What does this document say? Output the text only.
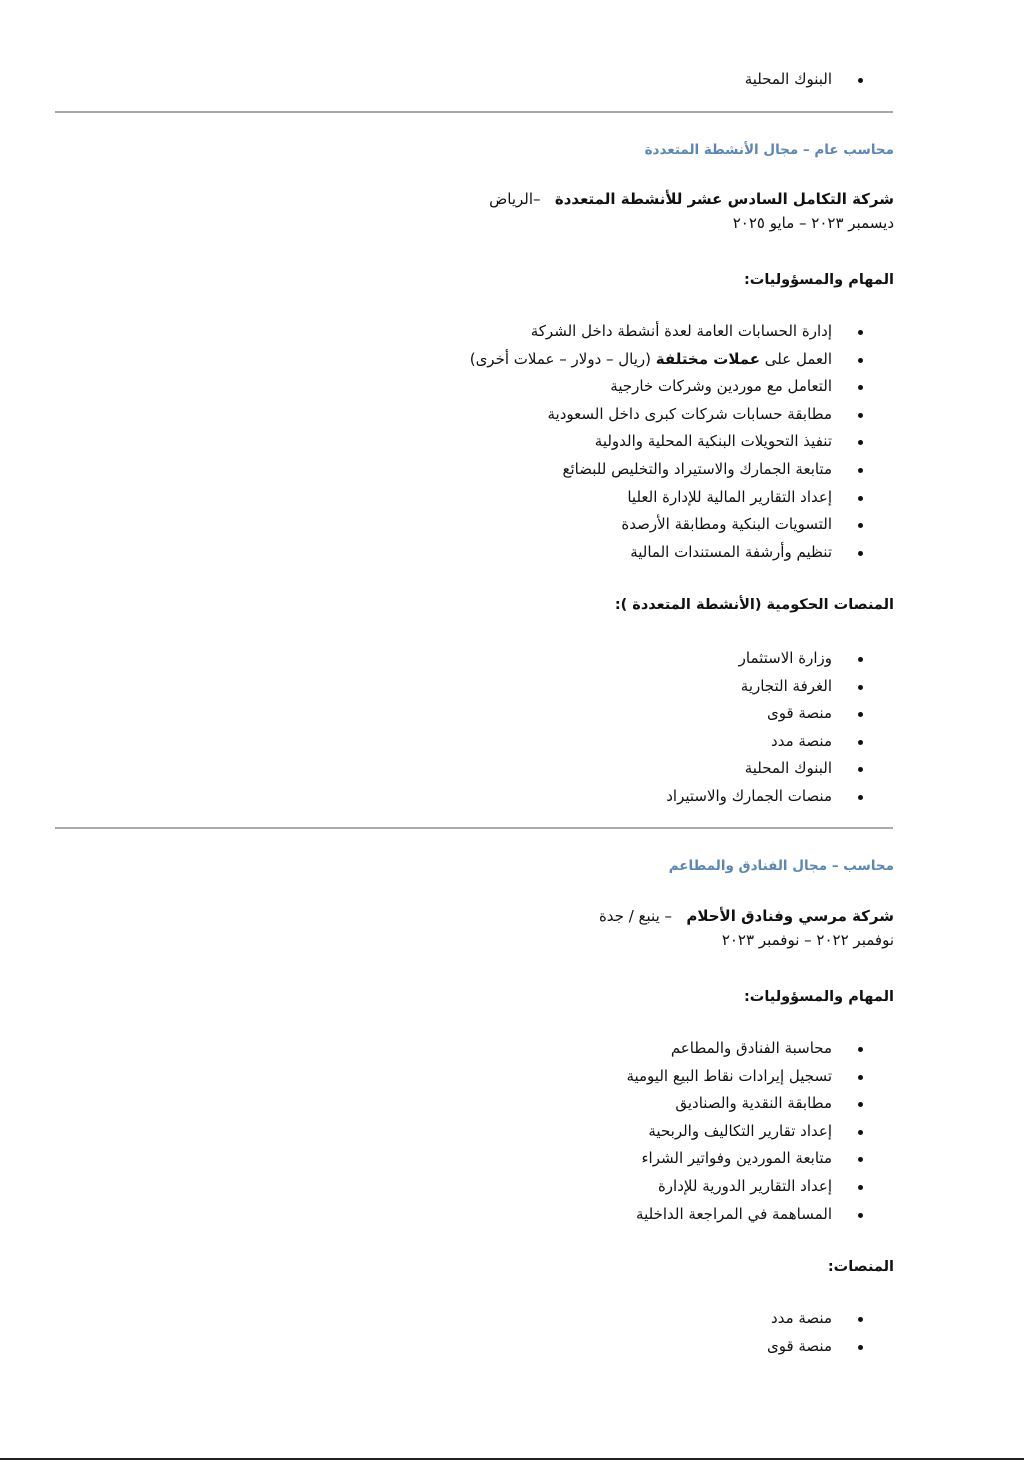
البنوك المحلية
محاسب عام – مجال الأنشطة المتعددة
شركة التكامل السادس عشر للأنشطة المتعددة   –الرياض
ديسمبر ٢٠٢٣ – مايو ٢٠٢٥
المهام والمسؤوليات:
إدارة الحسابات العامة لعدة أنشطة داخل الشركة
العمل على عملات مختلفة (ريال – دولار – عملات أخرى)
التعامل مع موردين وشركات خارجية
مطابقة حسابات شركات كبرى داخل السعودية
تنفيذ التحويلات البنكية المحلية والدولية
متابعة الجمارك والاستيراد والتخليص للبضائع
إعداد التقارير المالية للإدارة العليا
التسويات البنكية ومطابقة الأرصدة
تنظيم وأرشفة المستندات المالية
المنصات الحكومية (الأنشطة المتعددة ):
وزارة الاستثمار
الغرفة التجارية
منصة قوى
منصة مدد
البنوك المحلية
منصات الجمارك والاستيراد
محاسب – مجال الفنادق والمطاعم
شركة مرسي وفنادق الأحلام   – ينبع / جدة
نوفمبر ٢٠٢٢ – نوفمبر ٢٠٢٣
المهام والمسؤوليات:
محاسبة الفنادق والمطاعم
تسجيل إيرادات نقاط البيع اليومية
مطابقة النقدية والصناديق
إعداد تقارير التكاليف والربحية
متابعة الموردين وفواتير الشراء
إعداد التقارير الدورية للإدارة
المساهمة في المراجعة الداخلية
المنصات:
منصة مدد
منصة قوى
